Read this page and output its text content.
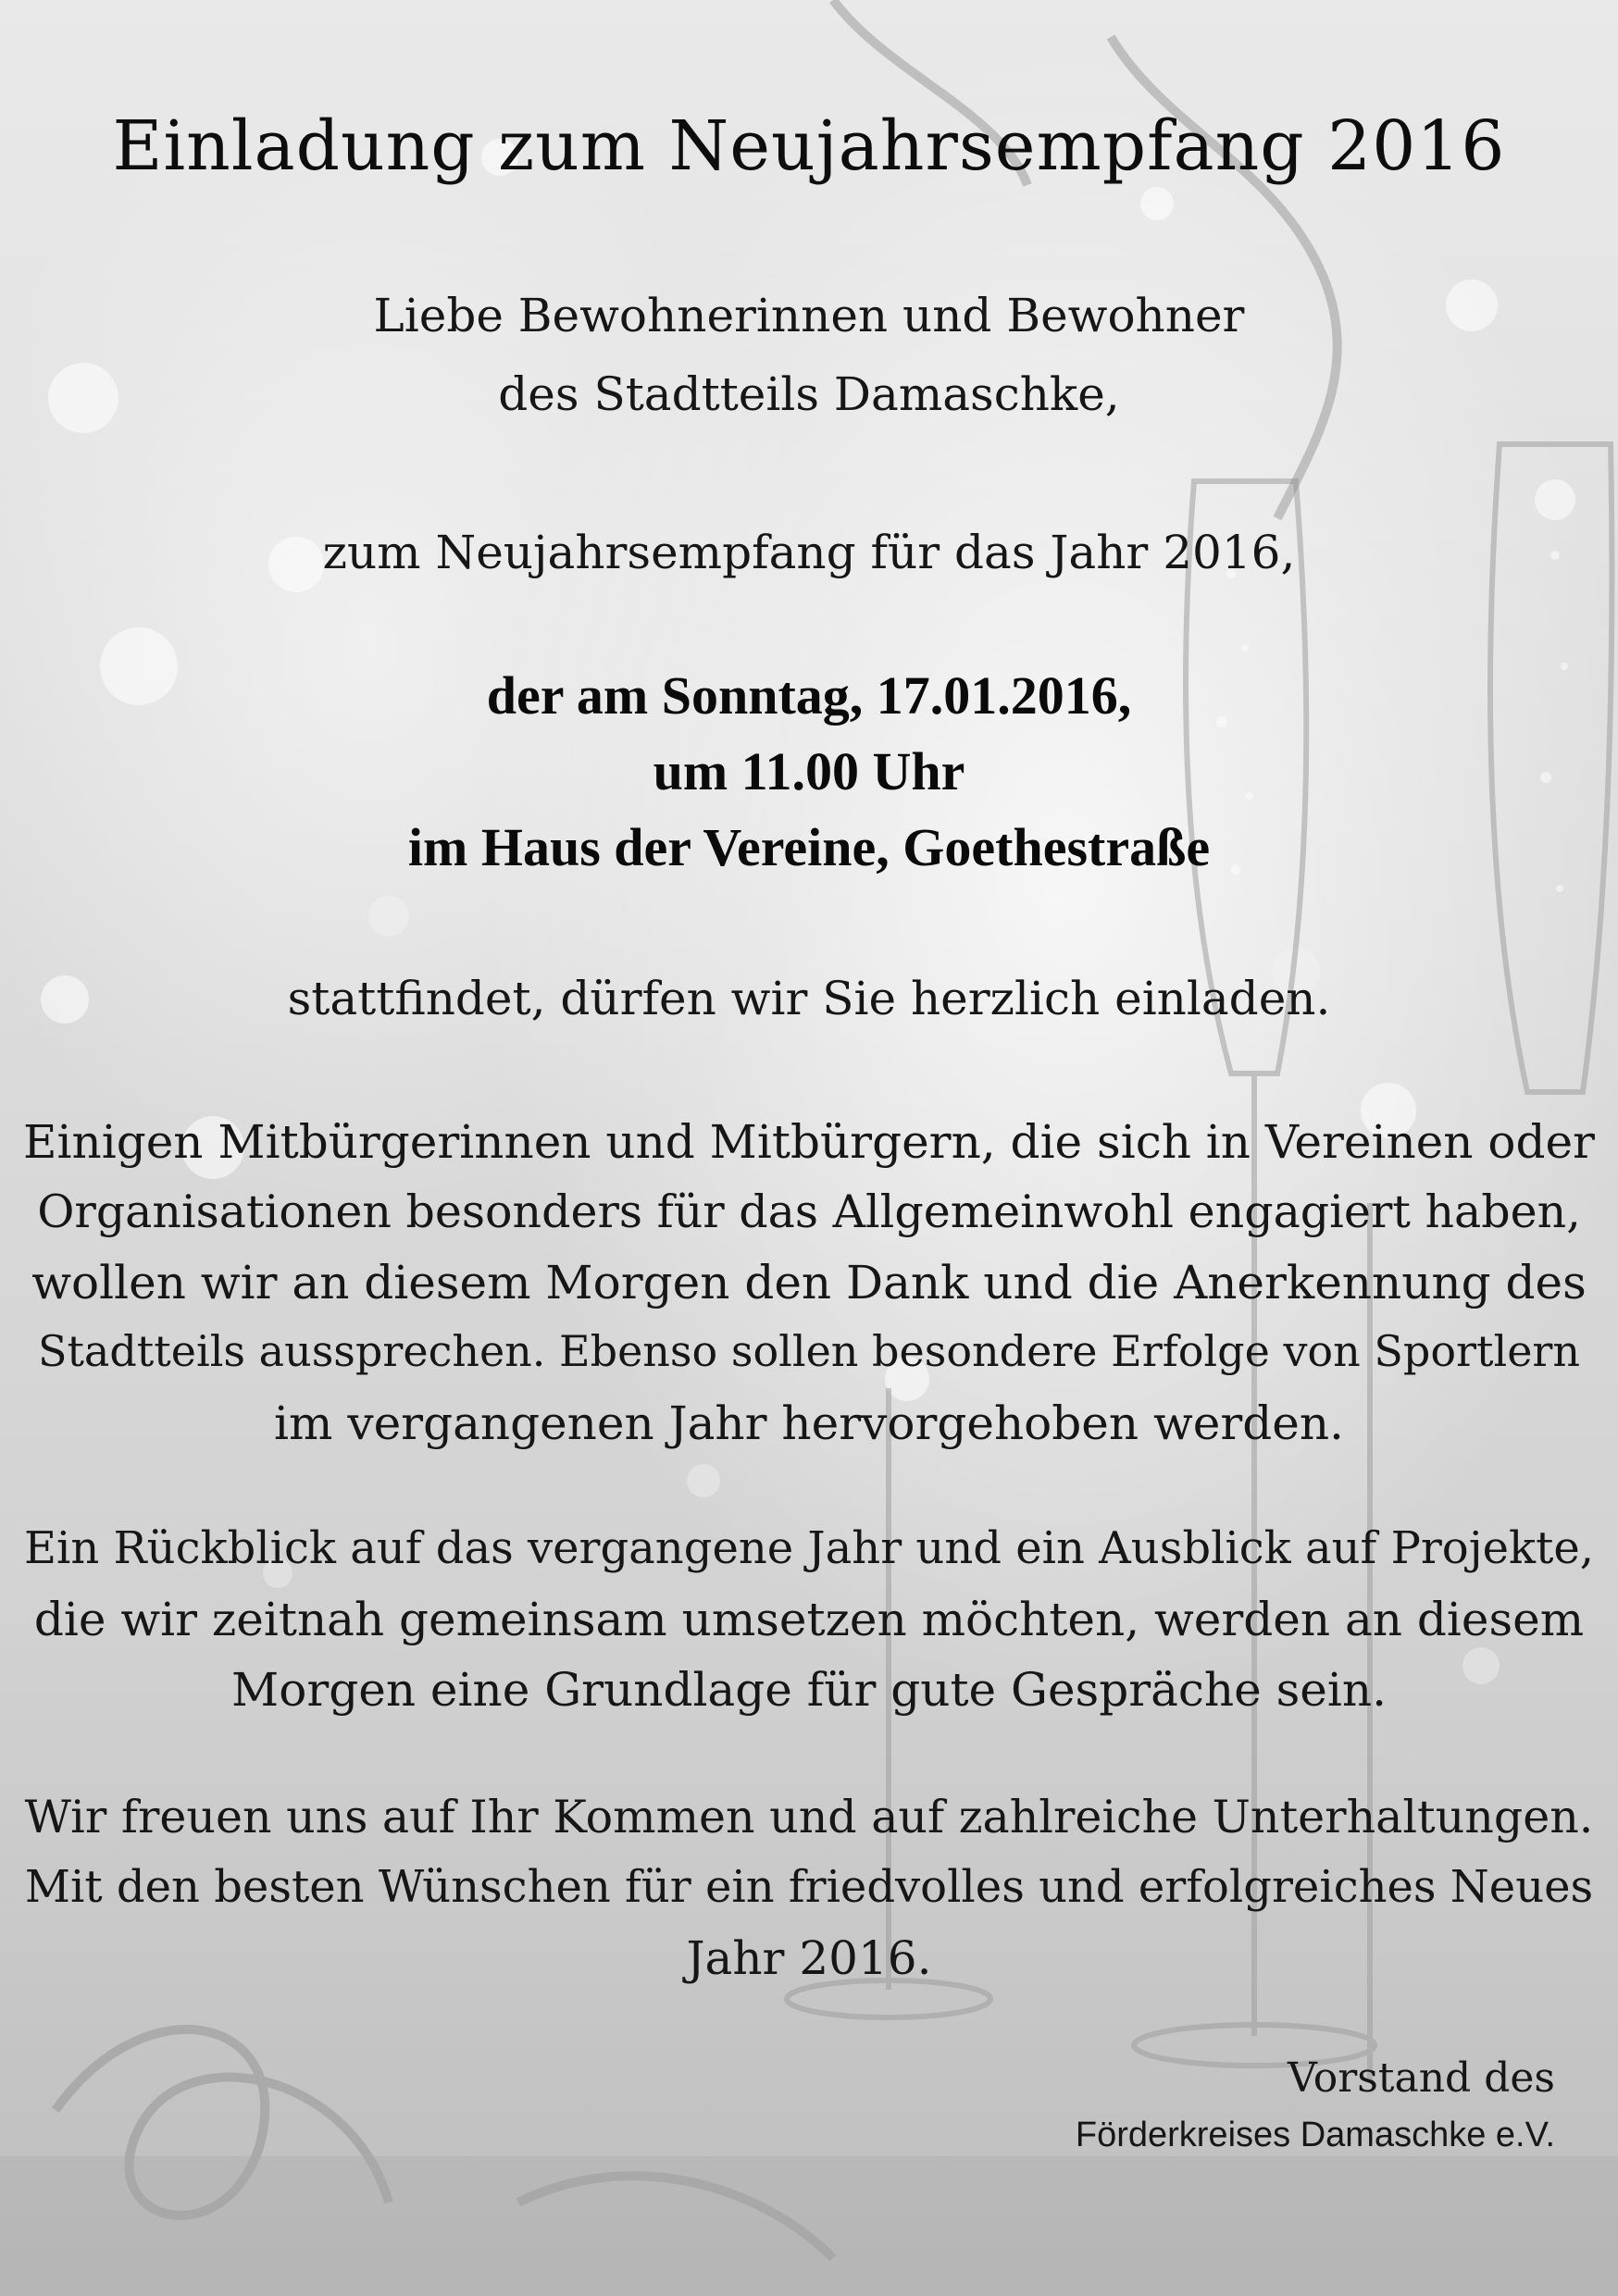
Einladung zum Neujahrsempfang 2016
Liebe Bewohnerinnen und Bewohner
des Stadtteils Damaschke,
zum Neujahrsempfang für das Jahr 2016,
der am Sonntag, 17.01.2016,
um 11.00 Uhr
im Haus der Vereine, Goethestraße
stattfindet, dürfen wir Sie herzlich einladen.
Einigen Mitbürgerinnen und Mitbürgern, die sich in Vereinen oder
Organisationen besonders für das Allgemeinwohl engagiert haben,
wollen wir an diesem Morgen den Dank und die Anerkennung des
Stadtteils aussprechen. Ebenso sollen besondere Erfolge von Sportlern
im vergangenen Jahr hervorgehoben werden.
Ein Rückblick auf das vergangene Jahr und ein Ausblick auf Projekte,
die wir zeitnah gemeinsam umsetzen möchten, werden an diesem
Morgen eine Grundlage für gute Gespräche sein.
Wir freuen uns auf Ihr Kommen und auf zahlreiche Unterhaltungen.
Mit den besten Wünschen für ein friedvolles und erfolgreiches Neues
Jahr 2016.
Vorstand des
Förderkreises Damaschke e.V.
